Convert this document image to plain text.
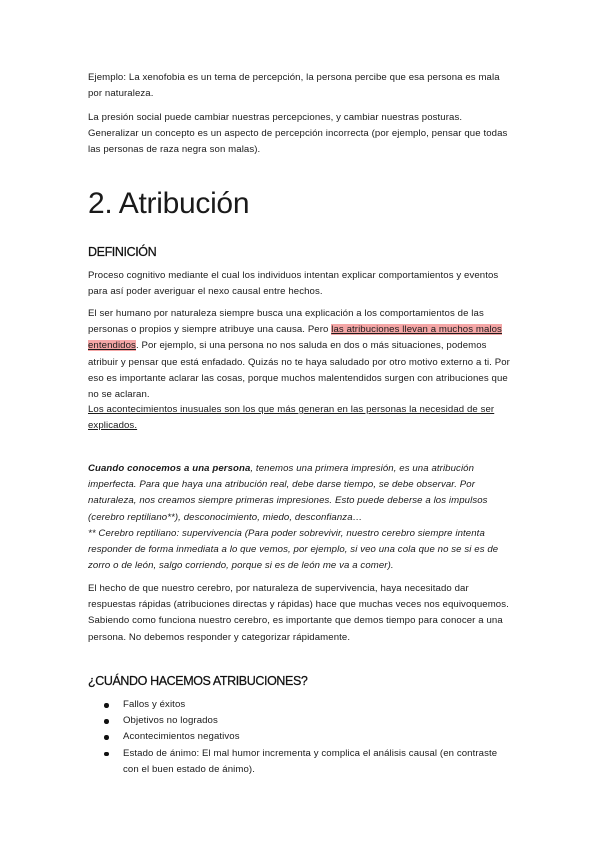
Ejemplo: La xenofobia es un tema de percepción, la persona percibe que esa persona es mala por naturaleza.

La presión social puede cambiar nuestras percepciones, y cambiar nuestras posturas. Generalizar un concepto es un aspecto de percepción incorrecta (por ejemplo, pensar que todas las personas de raza negra son malas).

2. Atribución
DEFINICIÓN

Proceso cognitivo mediante el cual los individuos intentan explicar comportamientos y eventos para así poder averiguar el nexo causal entre hechos.

El ser humano por naturaleza siempre busca una explicación a los comportamientos de las personas o propios y siempre atribuye una causa. Pero las atribuciones llevan a muchos malos entendidos. Por ejemplo, si una persona no nos saluda en dos o más situaciones, podemos atribuir y pensar que está enfadado. Quizás no te haya saludado por otro motivo externo a ti. Por eso es importante aclarar las cosas, porque muchos malentendidos surgen con atribuciones que no se aclaran.

Los acontecimientos inusuales son los que más generan en las personas la necesidad de ser explicados.

Cuando conocemos a una persona, tenemos una primera impresión, es una atribución imperfecta. Para que haya una atribución real, debe darse tiempo, se debe observar. Por naturaleza, nos creamos siempre primeras impresiones. Esto puede deberse a los impulsos (cerebro reptiliano**), desconocimiento, miedo, desconfianza…

** Cerebro reptiliano: supervivencia (Para poder sobrevivir, nuestro cerebro siempre intenta responder de forma inmediata a lo que vemos, por ejemplo, si veo una cola que no se si es de zorro o de león, salgo corriendo, porque si es de león me va a comer).

El hecho de que nuestro cerebro, por naturaleza de supervivencia, haya necesitado dar respuestas rápidas (atribuciones directas y rápidas) hace que muchas veces nos equivoquemos. Sabiendo como funciona nuestro cerebro, es importante que demos tiempo para conocer a una persona. No debemos responder y categorizar rápidamente.

¿CUÁNDO HACEMOS ATRIBUCIONES?
Fallos y éxitos
Objetivos no logrados
Acontecimientos negativos
Estado de ánimo: El mal humor incrementa y complica el análisis causal (en contraste con el buen estado de ánimo).
